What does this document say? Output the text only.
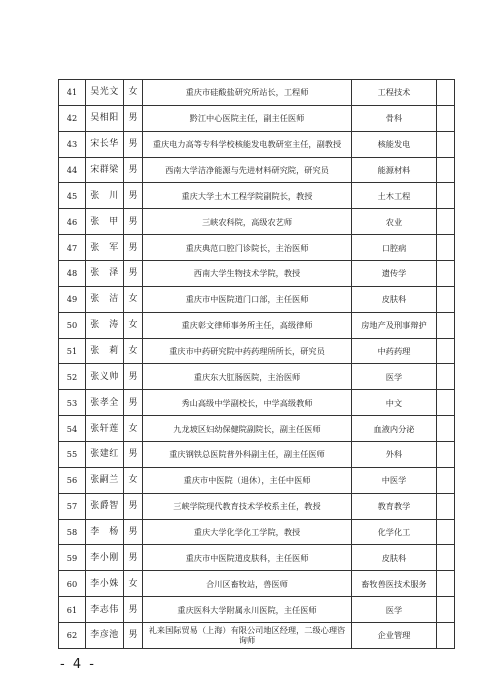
41	吴光文	女	重庆市硅酸盐研究所站长，工程师	工程技术	
42	吴相阳	男	黔江中心医院主任，副主任医师	骨科	
43	宋长华	男	重庆电力高等专科学校核能发电教研室主任，副教授	核能发电	
44	宋群梁	男	西南大学洁净能源与先进材料研究院，研究员	能源材料	
45	张　川	男	重庆大学土木工程学院副院长，教授	土木工程	
46	张　甲	男	三峡农科院，高级农艺师	农业	
47	张　军	男	重庆典范口腔门诊院长，主治医师	口腔病	
48	张　泽	男	西南大学生物技术学院，教授	遗传学	
49	张　洁	女	重庆市中医院道门口部，主任医师	皮肤科	
50	张　涛	女	重庆彰文律师事务所主任，高级律师	房地产及刑事辩护	
51	张　莉	女	重庆市中药研究院中药药理所所长，研究员	中药药理	
52	张义帅	男	重庆东大肛肠医院，主治医师	医学	
53	张孝全	男	秀山高级中学副校长，中学高级教师	中文	
54	张轩莲	女	九龙坡区妇幼保健院副院长，副主任医师	血液内分泌	
55	张建红	男	重庆钢铁总医院普外科副主任，副主任医师	外科	
56	张嗣兰	女	重庆市中医院（退休），主任中医师	中医学	
57	张爵智	男	三峡学院现代教育技术学校系主任，教授	教育教学	
58	李　杨	男	重庆大学化学化工学院，教授	化学化工	
59	李小刚	男	重庆市中医院道皮肤科，主任医师	皮肤科	
60	李小姝	女	合川区畜牧站，兽医师	畜牧兽医技术服务	
61	李志伟	男	重庆医科大学附属永川医院，主任医师	医学	
62	李彦池	男	礼来国际贸易（上海）有限公司地区经理，二级心理咨询师	企业管理	
- 4 -
